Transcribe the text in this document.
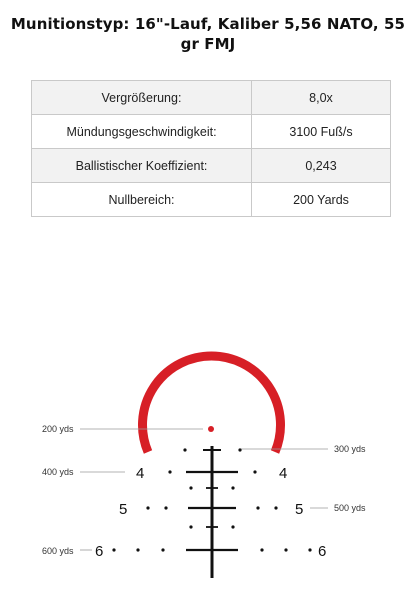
Munitionstyp: 16"-Lauf, Kaliber 5,56 NATO, 55 gr FMJ
Vergrößerung:	8,0x
Mündungsgeschwindigkeit:	3100 Fuß/s
Ballistischer Koeffizient:	0,243
Nullbereich:	200 Yards
200 yds
300 yds
400 yds
500 yds
600 yds
4	4
5	5
6	6
